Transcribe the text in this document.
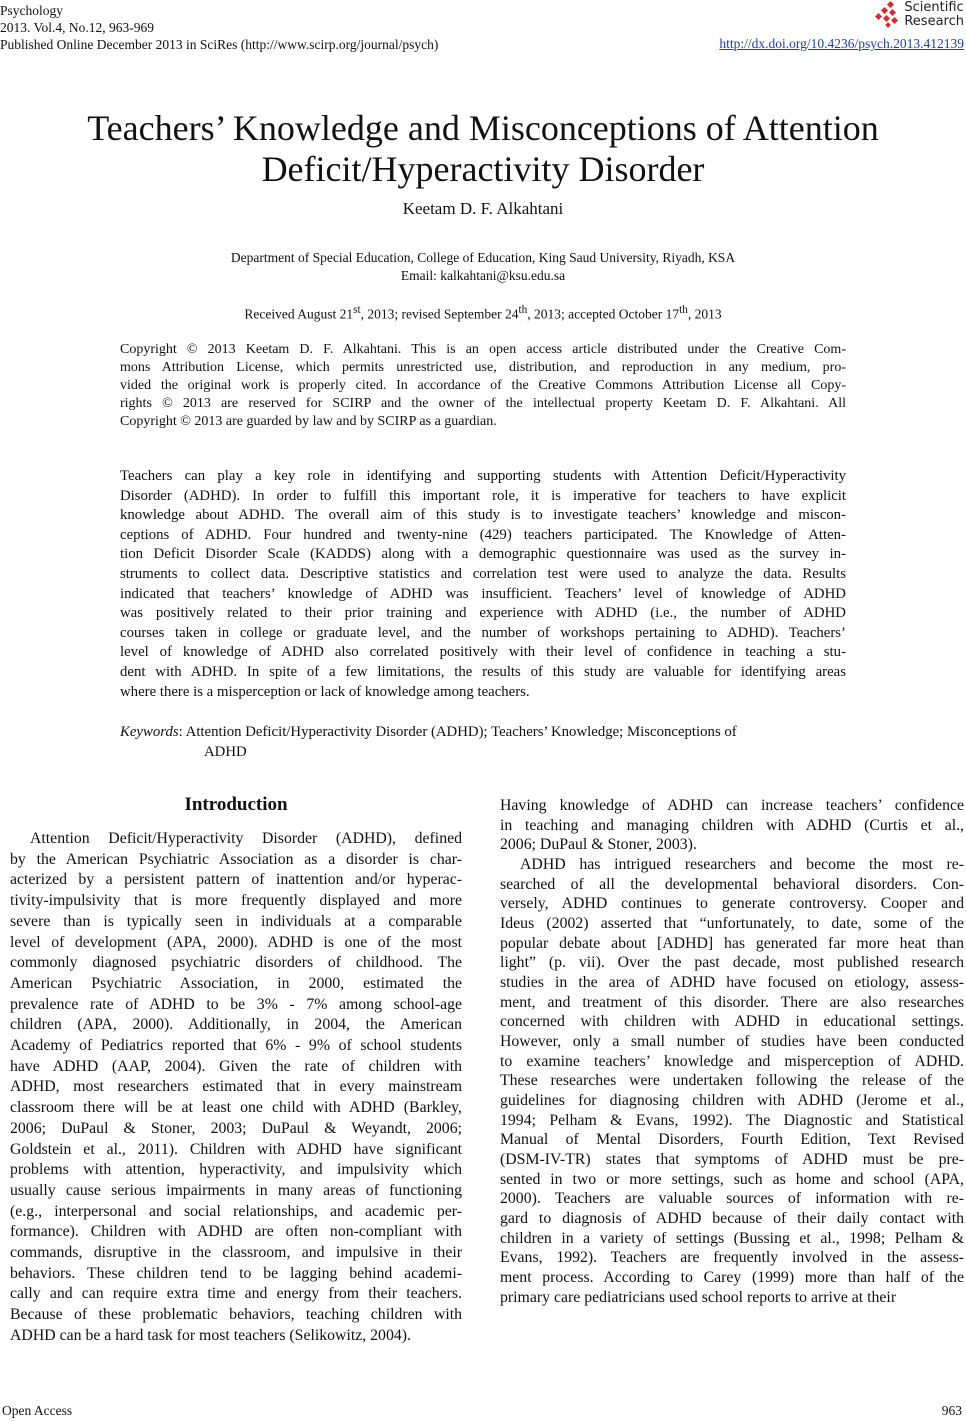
Psychology
2013. Vol.4, No.12, 963-969
Published Online December 2013 in SciRes (http://www.scirp.org/journal/psych)
Scientific
Research
http://dx.doi.org/10.4236/psych.2013.412139
Teachers’ Knowledge and Misconceptions of Attention
Deficit/Hyperactivity Disorder
Keetam D. F. Alkahtani
Department of Special Education, College of Education, King Saud University, Riyadh, KSA
Email: kalkahtani@ksu.edu.sa
Received August 21st, 2013; revised September 24th, 2013; accepted October 17th, 2013
Copyright © 2013 Keetam D. F. Alkahtani. This is an open access article distributed under the Creative Com-
mons Attribution License, which permits unrestricted use, distribution, and reproduction in any medium, pro-
vided the original work is properly cited. In accordance of the Creative Commons Attribution License all Copy-
rights © 2013 are reserved for SCIRP and the owner of the intellectual property Keetam D. F. Alkahtani. All
Copyright © 2013 are guarded by law and by SCIRP as a guardian.
Teachers can play a key role in identifying and supporting students with Attention Deficit/Hyperactivity
Disorder (ADHD). In order to fulfill this important role, it is imperative for teachers to have explicit
knowledge about ADHD. The overall aim of this study is to investigate teachers’ knowledge and miscon-
ceptions of ADHD. Four hundred and twenty-nine (429) teachers participated. The Knowledge of Atten-
tion Deficit Disorder Scale (KADDS) along with a demographic questionnaire was used as the survey in-
struments to collect data. Descriptive statistics and correlation test were used to analyze the data. Results
indicated that teachers’ knowledge of ADHD was insufficient. Teachers’ level of knowledge of ADHD
was positively related to their prior training and experience with ADHD (i.e., the number of ADHD
courses taken in college or graduate level, and the number of workshops pertaining to ADHD). Teachers’
level of knowledge of ADHD also correlated positively with their level of confidence in teaching a stu-
dent with ADHD. In spite of a few limitations, the results of this study are valuable for identifying areas
where there is a misperception or lack of knowledge among teachers.
Keywords: Attention Deficit/Hyperactivity Disorder (ADHD); Teachers’ Knowledge; Misconceptions of
ADHD
Introduction
Attention Deficit/Hyperactivity Disorder (ADHD), defined
by the American Psychiatric Association as a disorder is char-
acterized by a persistent pattern of inattention and/or hyperac-
tivity-impulsivity that is more frequently displayed and more
severe than is typically seen in individuals at a comparable
level of development (APA, 2000). ADHD is one of the most
commonly diagnosed psychiatric disorders of childhood. The
American Psychiatric Association, in 2000, estimated the
prevalence rate of ADHD to be 3% - 7% among school-age
children (APA, 2000). Additionally, in 2004, the American
Academy of Pediatrics reported that 6% - 9% of school students
have ADHD (AAP, 2004). Given the rate of children with
ADHD, most researchers estimated that in every mainstream
classroom there will be at least one child with ADHD (Barkley,
2006; DuPaul & Stoner, 2003; DuPaul & Weyandt, 2006;
Goldstein et al., 2011). Children with ADHD have significant
problems with attention, hyperactivity, and impulsivity which
usually cause serious impairments in many areas of functioning
(e.g., interpersonal and social relationships, and academic per-
formance). Children with ADHD are often non-compliant with
commands, disruptive in the classroom, and impulsive in their
behaviors. These children tend to be lagging behind academi-
cally and can require extra time and energy from their teachers.
Because of these problematic behaviors, teaching children with
ADHD can be a hard task for most teachers (Selikowitz, 2004).
Having knowledge of ADHD can increase teachers’ confidence
in teaching and managing children with ADHD (Curtis et al.,
2006; DuPaul & Stoner, 2003).
ADHD has intrigued researchers and become the most re-
searched of all the developmental behavioral disorders. Con-
versely, ADHD continues to generate controversy. Cooper and
Ideus (2002) asserted that “unfortunately, to date, some of the
popular debate about [ADHD] has generated far more heat than
light” (p. vii). Over the past decade, most published research
studies in the area of ADHD have focused on etiology, assess-
ment, and treatment of this disorder. There are also researches
concerned with children with ADHD in educational settings.
However, only a small number of studies have been conducted
to examine teachers’ knowledge and misperception of ADHD.
These researches were undertaken following the release of the
guidelines for diagnosing children with ADHD (Jerome et al.,
1994; Pelham & Evans, 1992). The Diagnostic and Statistical
Manual of Mental Disorders, Fourth Edition, Text Revised
(DSM-IV-TR) states that symptoms of ADHD must be pre-
sented in two or more settings, such as home and school (APA,
2000). Teachers are valuable sources of information with re-
gard to diagnosis of ADHD because of their daily contact with
children in a variety of settings (Bussing et al., 1998; Pelham &
Evans, 1992). Teachers are frequently involved in the assess-
ment process. According to Carey (1999) more than half of the
primary care pediatricians used school reports to arrive at their
Open Access	963
